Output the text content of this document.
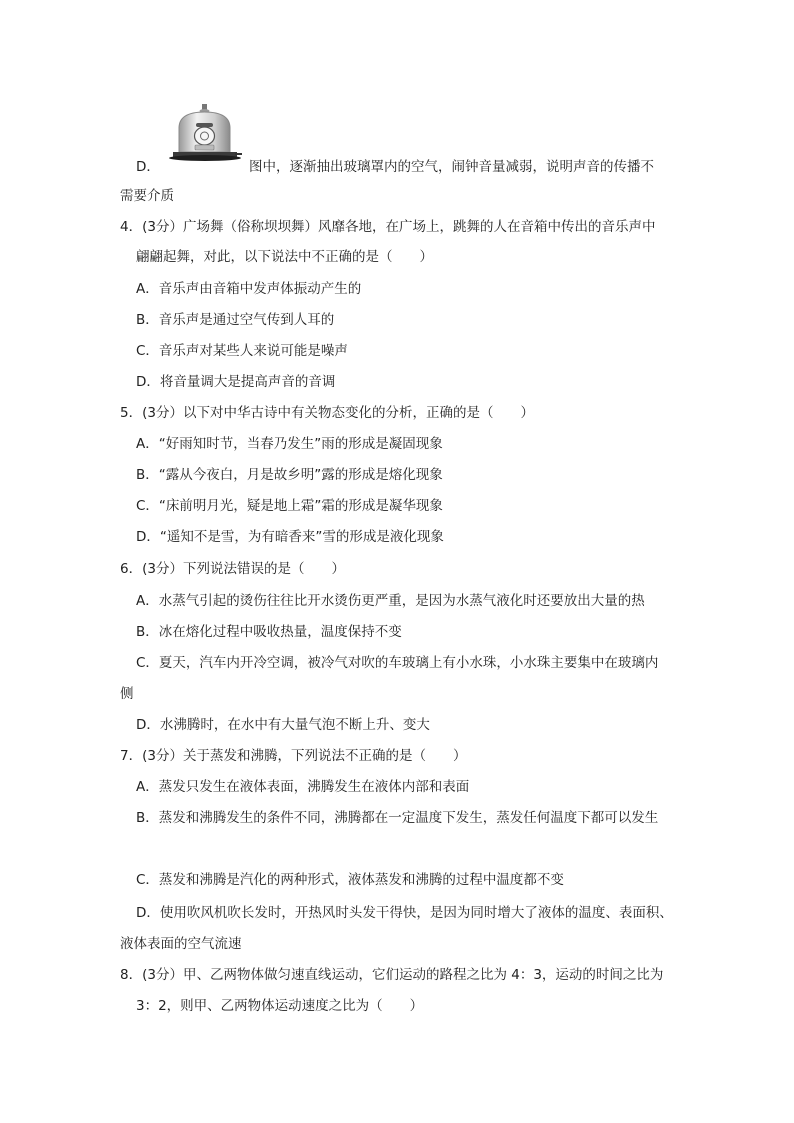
D．	图中，逐渐抽出玻璃罩内的空气，闹钟音量减弱，说明声音的传播不
需要介质
4．(3分）广场舞（俗称坝坝舞）风靡各地，在广场上，跳舞的人在音箱中传出的音乐声中
翩翩起舞，对此，以下说法中不正确的是（　　）
A．音乐声由音箱中发声体振动产生的
B．音乐声是通过空气传到人耳的
C．音乐声对某些人来说可能是噪声
D．将音量调大是提高声音的音调
5．(3分）以下对中华古诗中有关物态变化的分析，正确的是（　　）
A．“好雨知时节，当春乃发生”雨的形成是凝固现象
B．“露从今夜白，月是故乡明”露的形成是熔化现象
C．“床前明月光，疑是地上霜”霜的形成是凝华现象
D．“遥知不是雪，为有暗香来”雪的形成是液化现象
6．(3分）下列说法错误的是（　　）
A．水蒸气引起的烫伤往往比开水烫伤更严重，是因为水蒸气液化时还要放出大量的热
B．冰在熔化过程中吸收热量，温度保持不变
C．夏天，汽车内开冷空调，被冷气对吹的车玻璃上有小水珠，小水珠主要集中在玻璃内
侧
D．水沸腾时，在水中有大量气泡不断上升、变大
7．(3分）关于蒸发和沸腾，下列说法不正确的是（　　）
A．蒸发只发生在液体表面，沸腾发生在液体内部和表面
B．蒸发和沸腾发生的条件不同，沸腾都在一定温度下发生，蒸发任何温度下都可以发生
C．蒸发和沸腾是汽化的两种形式，液体蒸发和沸腾的过程中温度都不变
D．使用吹风机吹长发时，开热风时头发干得快，是因为同时增大了液体的温度、表面积、
液体表面的空气流速
8．(3分）甲、乙两物体做匀速直线运动，它们运动的路程之比为 4：3，运动的时间之比为
3：2，则甲、乙两物体运动速度之比为（　　）
